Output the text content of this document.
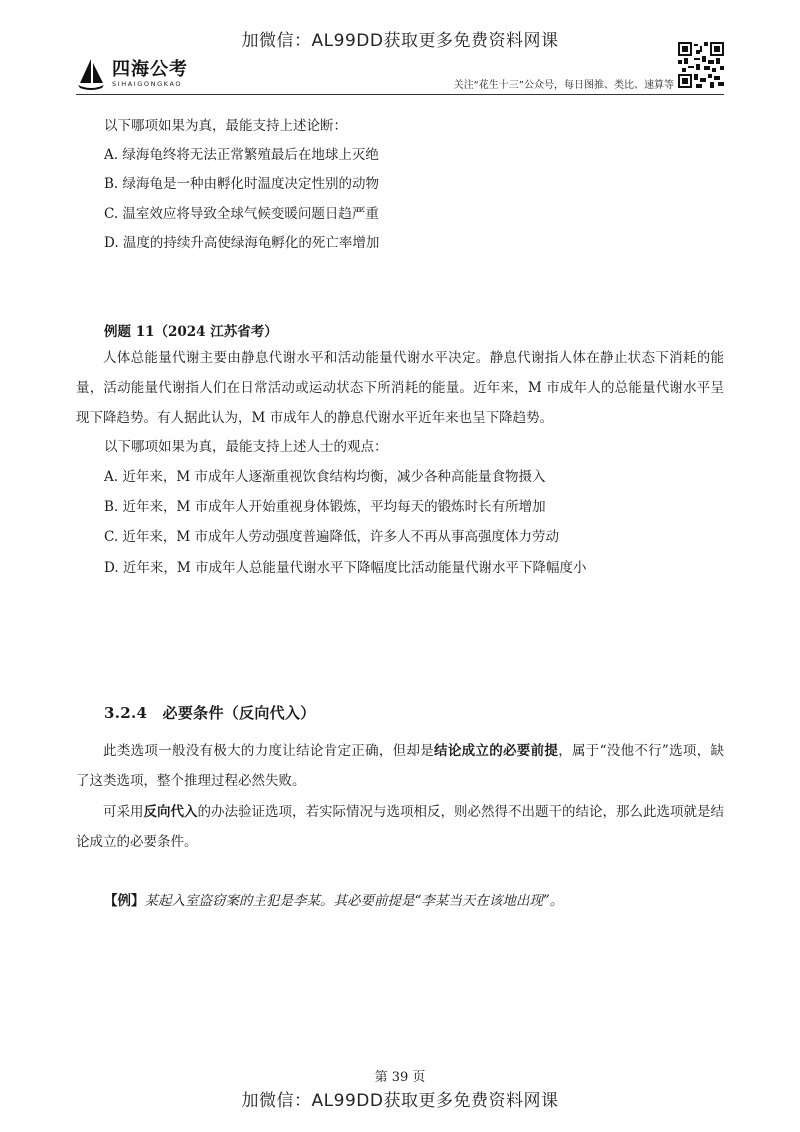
加微信：AL99DD获取更多免费资料网课
四海公考
SIHAIGONGKAO	关注“花生十三”公众号，每日图推、类比、速算等
以下哪项如果为真，最能支持上述论断：
A. 绿海龟终将无法正常繁殖最后在地球上灭绝
B. 绿海龟是一种由孵化时温度决定性别的动物
C. 温室效应将导致全球气候变暖问题日趋严重
D. 温度的持续升高使绿海龟孵化的死亡率增加
例题 11（2024 江苏省考）
人体总能量代谢主要由静息代谢水平和活动能量代谢水平决定。静息代谢指人体在静止状态下消耗的能量，活动能量代谢指人们在日常活动或运动状态下所消耗的能量。近年来，M 市成年人的总能量代谢水平呈现下降趋势。有人据此认为，M 市成年人的静息代谢水平近年来也呈下降趋势。
以下哪项如果为真，最能支持上述人士的观点：
A. 近年来，M 市成年人逐渐重视饮食结构均衡，减少各种高能量食物摄入
B. 近年来，M 市成年人开始重视身体锻炼，平均每天的锻炼时长有所增加
C. 近年来，M 市成年人劳动强度普遍降低，许多人不再从事高强度体力劳动
D. 近年来，M 市成年人总能量代谢水平下降幅度比活动能量代谢水平下降幅度小
3.2.4　必要条件（反向代入）
此类选项一般没有极大的力度让结论肯定正确，但却是结论成立的必要前提，属于“没他不行”选项，缺了这类选项，整个推理过程必然失败。
可采用反向代入的办法验证选项，若实际情况与选项相反，则必然得不出题干的结论，那么此选项就是结论成立的必要条件。
【例】某起入室盗窃案的主犯是李某。其必要前提是“李某当天在该地出现”。
第 39 页
加微信：AL99DD获取更多免费资料网课
